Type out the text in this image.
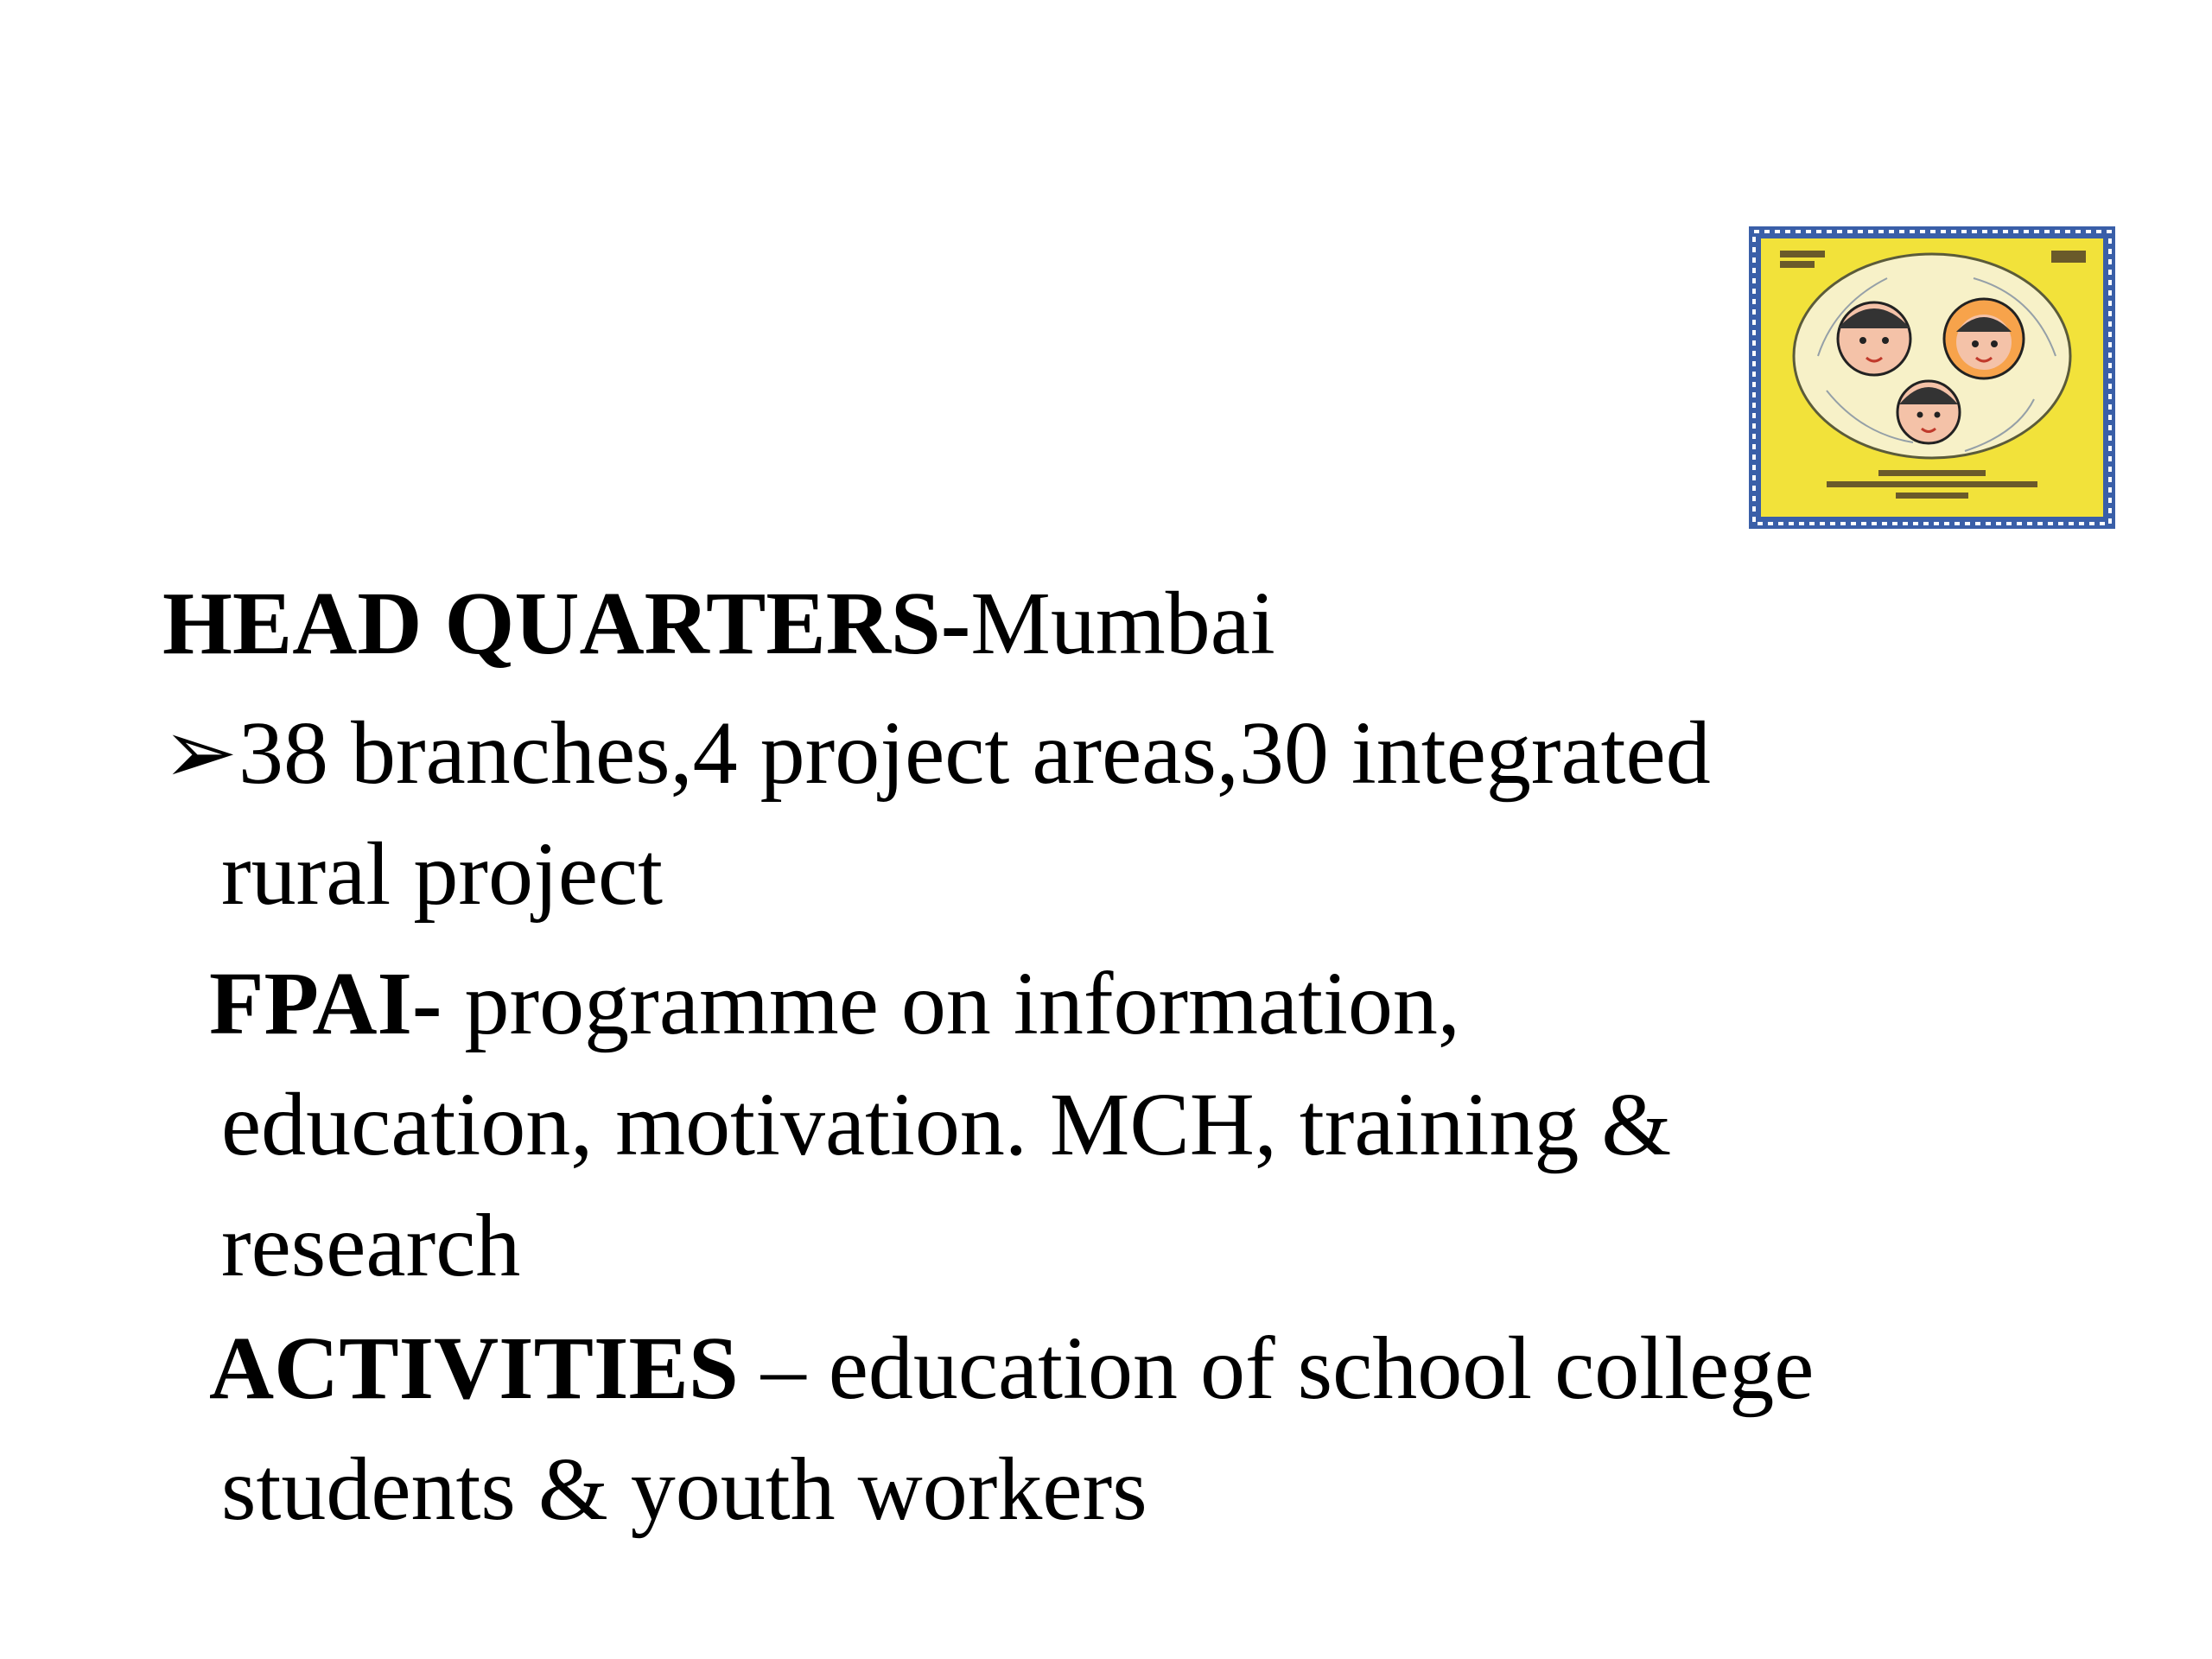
HEAD QUARTERS-Mumbai
➢38 branches,4 project areas,30 integrated
rural project
FPAI- programme on information,
education, motivation. MCH, training &
research
ACTIVITIES – education of school college
students & youth workers
